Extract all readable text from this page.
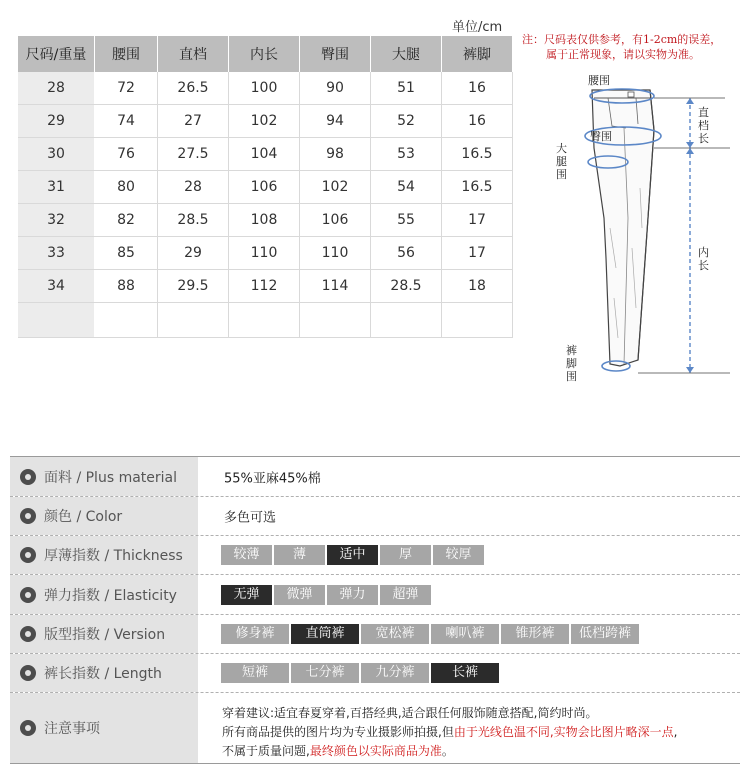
单位/cm
尺码/重量	腰围	直档	内长	臀围	大腿	裤脚
28	72	26.5	100	90	51	16
29	74	27	102	94	52	16
30	76	27.5	104	98	53	16.5
31	80	28	106	102	54	16.5
32	82	28.5	108	106	55	17
33	85	29	110	110	56	17
34	88	29.5	112	114	28.5	18

注：尺码表仅供参考，有1-2cm的误差，
属于正常现象，请以实物为准。
腰围
直档长
臀围
大腿围
内长
裤脚围
面料 / Plus material	55%亚麻45%棉
颜色 / Color	多色可选
厚薄指数 / Thickness	较薄	薄	适中	厚	较厚
弹力指数 / Elasticity	无弹	微弹	弹力	超弹
版型指数 / Version	修身裤	直筒裤	宽松裤	喇叭裤	锥形裤	低档跨裤
裤长指数 / Length	短裤	七分裤	九分裤	长裤
注意事项
穿着建议:适宜春夏穿着,百搭经典,适合跟任何服饰随意搭配,简约时尚。
所有商品提供的图片均为专业摄影师拍摄,但由于光线色温不同,实物会比图片略深一点,
不属于质量问题,最终颜色以实际商品为准。
